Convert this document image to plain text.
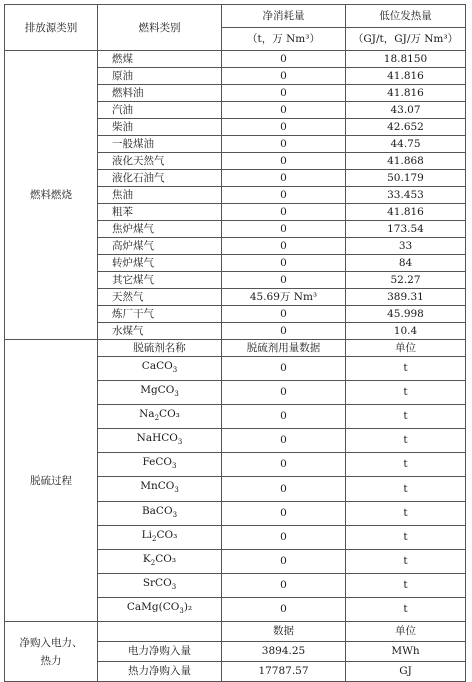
排放源类别	燃料类别	净消耗量	低位发热量
		（t，万 Nm³）	（GJ/t，GJ/万 Nm³）
燃料燃烧	燃煤	0	18.8150
	原油	0	41.816
	燃料油	0	41.816
	汽油	0	43.07
	柴油	0	42.652
	一般煤油	0	44.75
	液化天然气	0	41.868
	液化石油气	0	50.179
	焦油	0	33.453
	粗苯	0	41.816
	焦炉煤气	0	173.54
	高炉煤气	0	33
	转炉煤气	0	84
	其它煤气	0	52.27
	天然气	45.69万 Nm³	389.31
	炼厂干气	0	45.998
	水煤气	0	10.4
脱硫过程	脱硫剂名称	脱硫剂用量数据	单位
	CaCO$_3$	0	t
	MgCO$_3$	0	t
	$Na_2CO_3$	0	t
	NaHCO$_3$	0	t
	FeCO$_3$	0	t
	MnCO$_3$	0	t
	BaCO$_3$	0	t
	$Li_2CO_3$	0	t
	$K_2CO_3$	0	t
	SrCO$_3$	0	t
	$CaMg(CO_3)_2$	0	t

净购入电力、
热力		数据	单位
	电力净购入量	3894.25	MWh
	热力净购入量	17787.57	GJ
